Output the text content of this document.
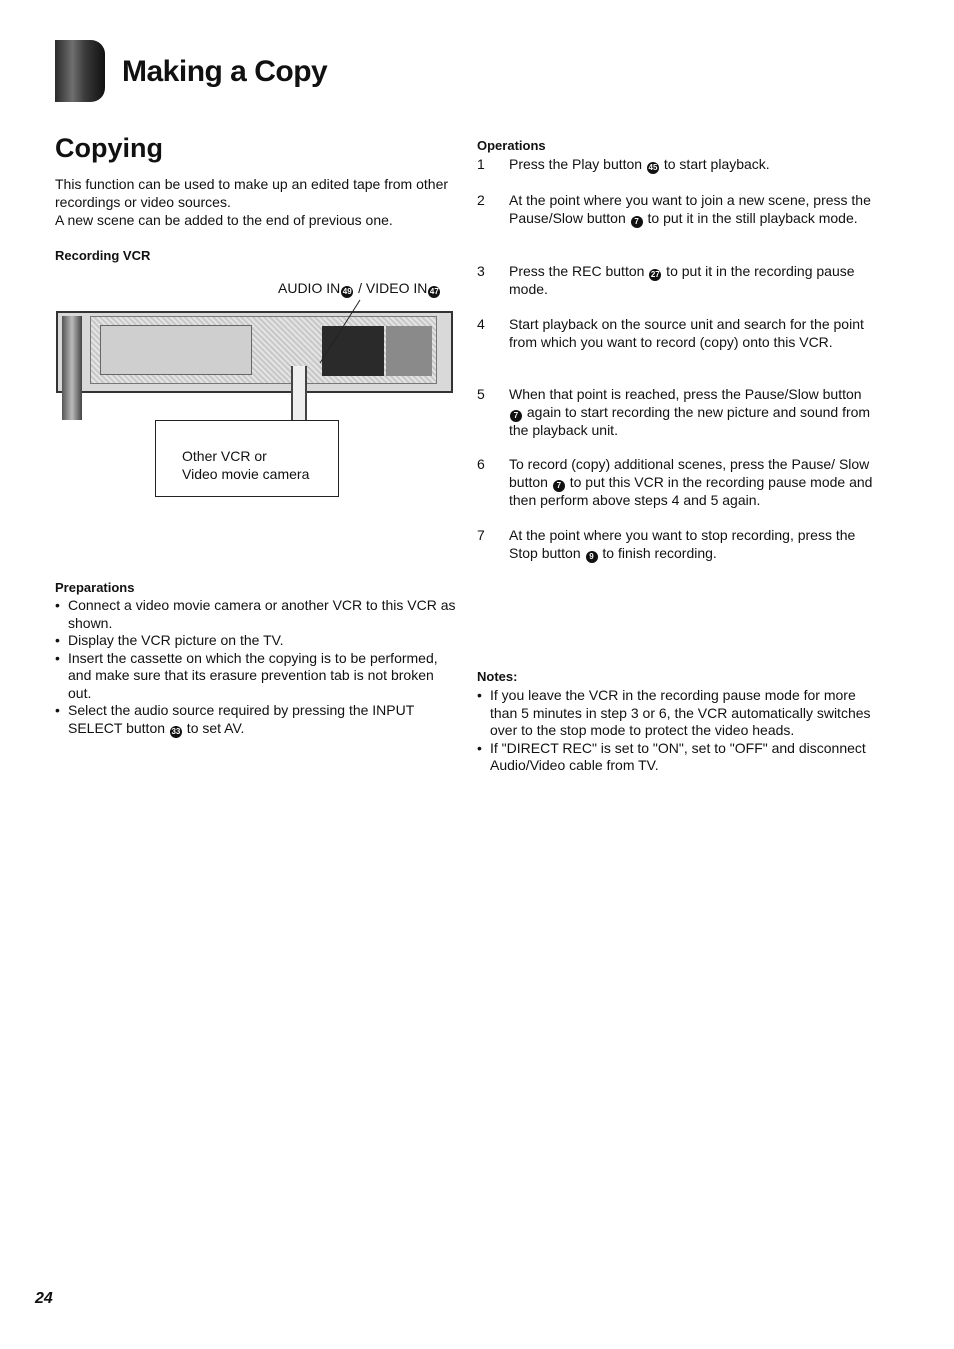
Making a Copy
Copying
This function can be used to make up an edited tape from other recordings or video sources.
A new scene can be added to the end of previous one.
Recording VCR
AUDIO IN 49 / VIDEO IN 47
Other VCR or
Video movie camera
Preparations
• Connect a video movie camera or another VCR to this VCR as shown.
• Display the VCR picture on the TV.
• Insert the cassette on which the copying is to be performed, and make sure that its erasure prevention tab is not broken out.
• Select the audio source required by pressing the INPUT SELECT button 33 to set AV.
Operations
1	Press the Play button 45 to start playback.
2	At the point where you want to join a new scene, press the Pause/Slow button 7 to put it in the still playback mode.
3	Press the REC button 27 to put it in the recording pause mode.
4	Start playback on the source unit and search for the point from which you want to record (copy) onto this VCR.
5	When that point is reached, press the Pause/Slow button 7 again to start recording the new picture and sound from the playback unit.
6	To record (copy) additional scenes, press the Pause/ Slow button 7 to put this VCR in the recording pause mode and then perform above steps 4 and 5 again.
7	At the point where you want to stop recording, press the Stop button 9 to finish recording.
Notes:
• If you leave the VCR in the recording pause mode for more than 5 minutes in step 3 or 6, the VCR automatically switches over to the stop mode to protect the video heads.
• If "DIRECT REC" is set to "ON", set to "OFF" and disconnect Audio/Video cable from TV.
24
